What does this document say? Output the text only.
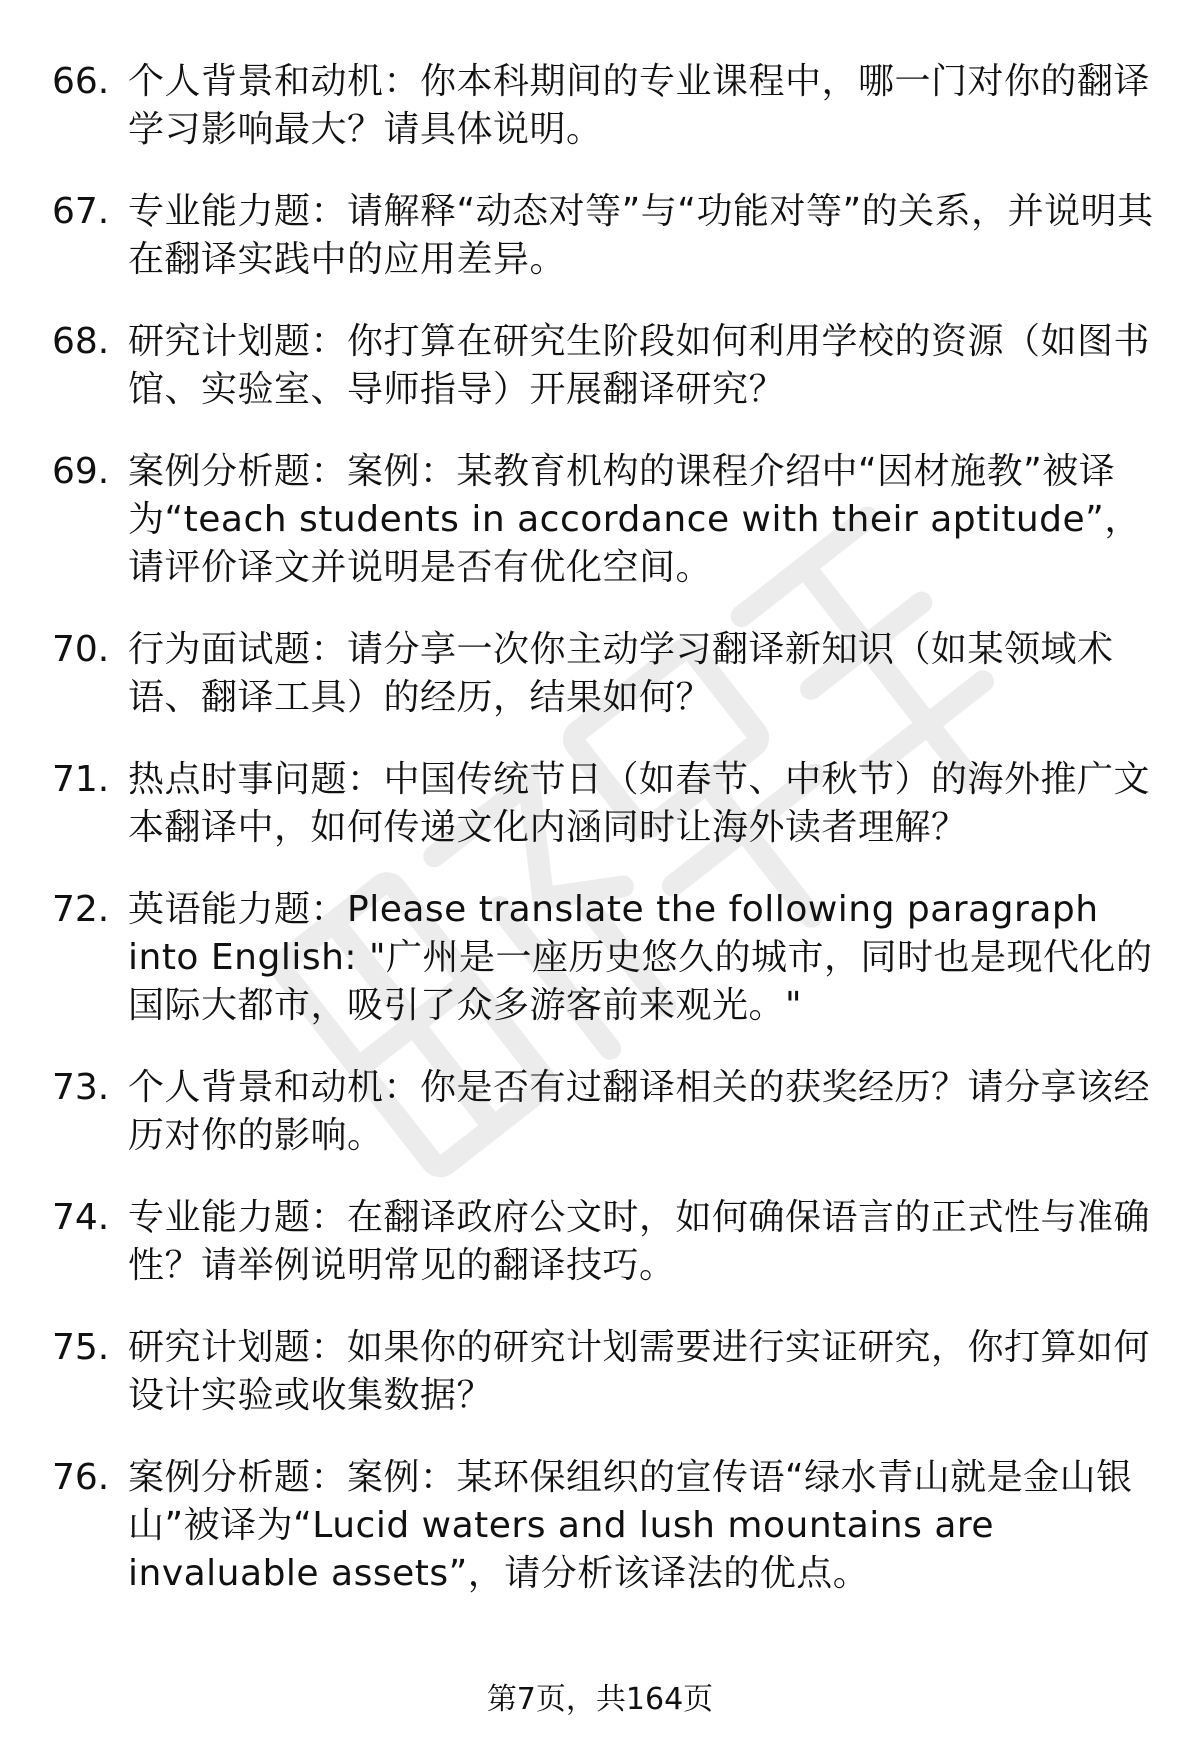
66. 个人背景和动机：你本科期间的专业课程中，哪一门对你的翻译学习影响最大？请具体说明。
67. 专业能力题：请解释“动态对等”与“功能对等”的关系，并说明其在翻译实践中的应用差异。
68. 研究计划题：你打算在研究生阶段如何利用学校的资源（如图书馆、实验室、导师指导）开展翻译研究？
69. 案例分析题：案例：某教育机构的课程介绍中“因材施教”被译为“teach students in accordance with their aptitude”，请评价译文并说明是否有优化空间。
70. 行为面试题：请分享一次你主动学习翻译新知识（如某领域术语、翻译工具）的经历，结果如何？
71. 热点时事问题：中国传统节日（如春节、中秋节）的海外推广文本翻译中，如何传递文化内涵同时让海外读者理解？
72. 英语能力题：Please translate the following paragraph into English: "广州是一座历史悠久的城市，同时也是现代化的国际大都市，吸引了众多游客前来观光。"
73. 个人背景和动机：你是否有过翻译相关的获奖经历？请分享该经历对你的影响。
74. 专业能力题：在翻译政府公文时，如何确保语言的正式性与准确性？请举例说明常见的翻译技巧。
75. 研究计划题：如果你的研究计划需要进行实证研究，你打算如何设计实验或收集数据？
76. 案例分析题：案例：某环保组织的宣传语“绿水青山就是金山银山”被译为“Lucid waters and lush mountains are invaluable assets”，请分析该译法的优点。
第7页，共164页
